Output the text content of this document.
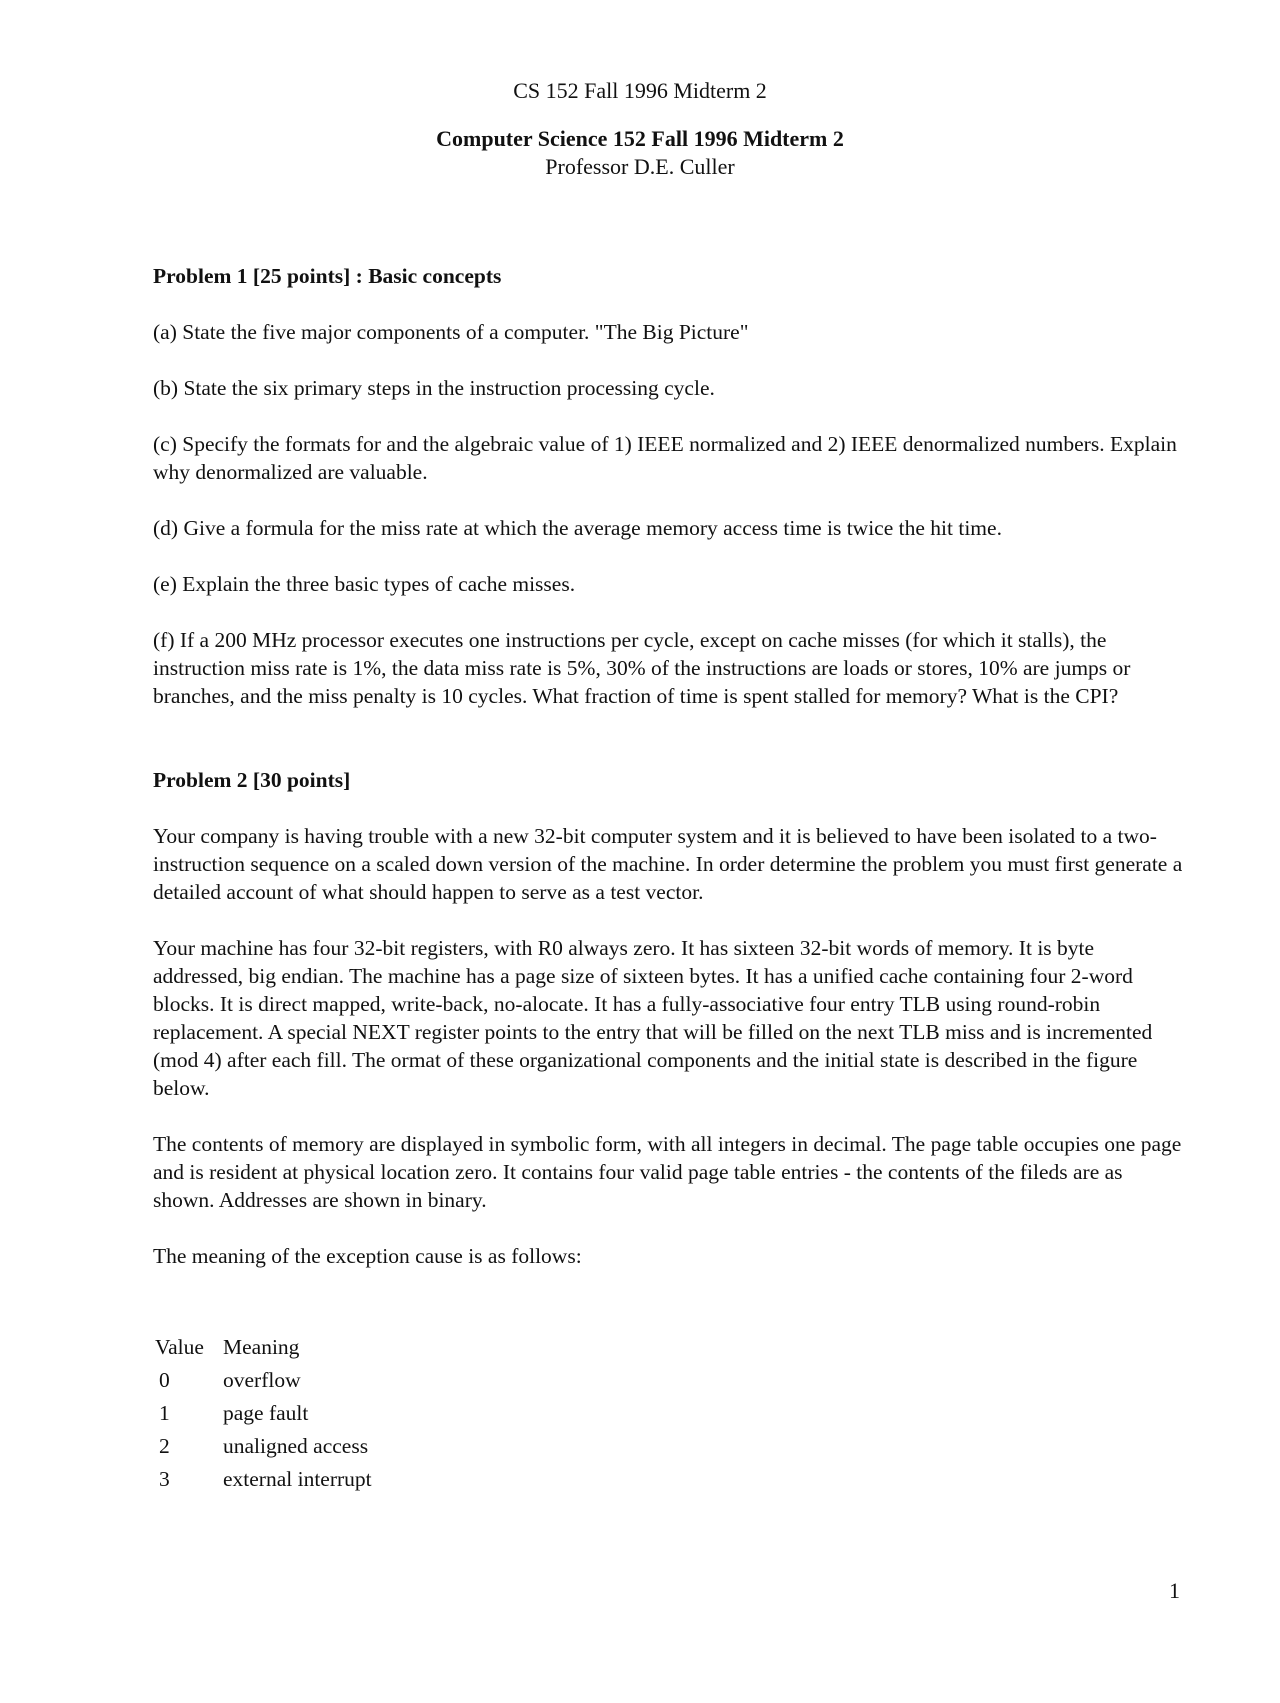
CS 152 Fall 1996 Midterm 2
Computer Science 152 Fall 1996 Midterm 2
Professor D.E. Culler
Problem 1 [25 points] : Basic concepts

(a) State the five major components of a computer. "The Big Picture"

(b) State the six primary steps in the instruction processing cycle.

(c) Specify the formats for and the algebraic value of 1) IEEE normalized and 2) IEEE denormalized numbers. Explain why denormalized are valuable.

(d) Give a formula for the miss rate at which the average memory access time is twice the hit time.

(e) Explain the three basic types of cache misses.

(f) If a 200 MHz processor executes one instructions per cycle, except on cache misses (for which it stalls), the instruction miss rate is 1%, the data miss rate is 5%, 30% of the instructions are loads or stores, 10% are jumps or branches, and the miss penalty is 10 cycles. What fraction of time is spent stalled for memory? What is the CPI?

Problem 2 [30 points]

Your company is having trouble with a new 32-bit computer system and it is believed to have been isolated to a two-instruction sequence on a scaled down version of the machine. In order determine the problem you must first generate a detailed account of what should happen to serve as a test vector.

Your machine has four 32-bit registers, with R0 always zero. It has sixteen 32-bit words of memory. It is byte addressed, big endian. The machine has a page size of sixteen bytes. It has a unified cache containing four 2-word blocks. It is direct mapped, write-back, no-alocate. It has a fully-associative four entry TLB using round-robin replacement. A special NEXT register points to the entry that will be filled on the next TLB miss and is incremented (mod 4) after each fill. The ormat of these organizational components and the initial state is described in the figure below.

The contents of memory are displayed in symbolic form, with all integers in decimal. The page table occupies one page and is resident at physical location zero. It contains four valid page table entries - the contents of the fileds are as shown. Addresses are shown in binary.

The meaning of the exception cause is as follows:

Value	Meaning
0	overflow
1	page fault
2	unaligned access
3	external interrupt
1
